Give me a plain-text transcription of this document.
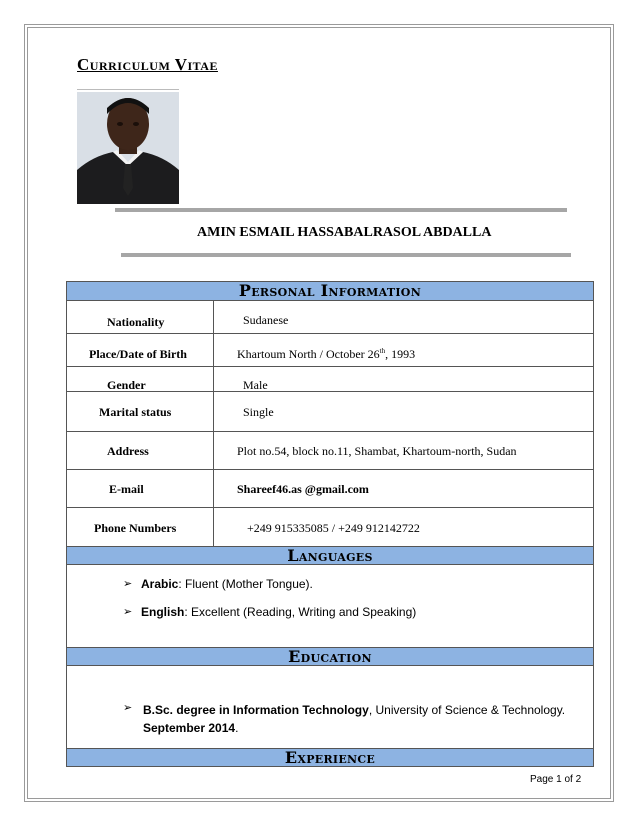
Curriculum Vitae
AMIN ESMAIL HASSABALRASOL ABDALLA
Personal Information
Nationality	Sudanese
Place/Date of Birth	Khartoum North / October 26th, 1993
Gender	Male
Marital status	Single
Address	Plot no.54, block no.11, Shambat, Khartoum-north, Sudan
E-mail	Shareef46.as @gmail.com
Phone Numbers	+249 915335085 / +249 912142722
Languages
➢ Arabic: Fluent (Mother Tongue).
➢ English: Excellent (Reading, Writing and Speaking)
Education
➢ B.Sc. degree in Information Technology, University of Science & Technology.
September 2014.
Experience
Page 1 of 2
